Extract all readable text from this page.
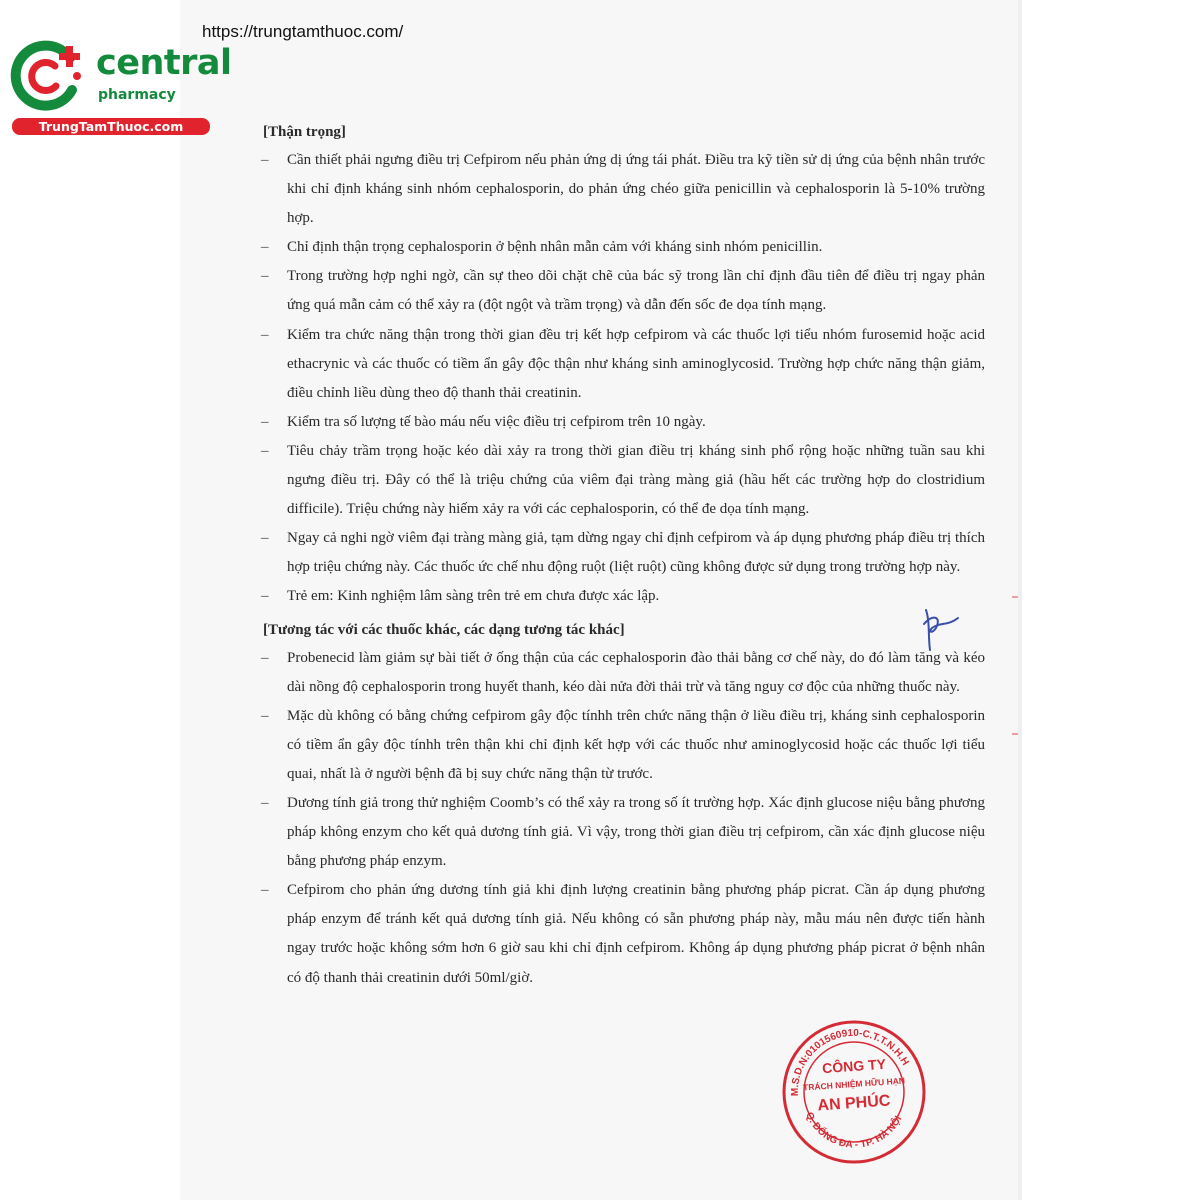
https://trungtamthuoc.com/
central
pharmacy
TrungTamThuoc.com	[Thận trọng]

– Cần thiết phải ngưng điều trị Cefpirom nếu phản ứng dị ứng tái phát. Điều tra kỹ tiền sử dị ứng của bệnh nhân trước khi chỉ định kháng sinh nhóm cephalosporin, do phản ứng chéo giữa penicillin và cephalosporin là 5-10% trường hợp.
– Chỉ định thận trọng cephalosporin ở bệnh nhân mẫn cảm với kháng sinh nhóm penicillin.
– Trong trường hợp nghi ngờ, cần sự theo dõi chặt chẽ của bác sỹ trong lần chỉ định đầu tiên để điều trị ngay phản ứng quá mẫn cảm có thể xảy ra (đột ngột và trầm trọng) và dẫn đến sốc đe dọa tính mạng.
– Kiểm tra chức năng thận trong thời gian đều trị kết hợp cefpirom và các thuốc lợi tiểu nhóm furosemid hoặc acid ethacrynic và các thuốc có tiềm ẩn gây độc thận như kháng sinh aminoglycosid. Trường hợp chức năng thận giảm, điều chỉnh liều dùng theo độ thanh thải creatinin.
– Kiểm tra số lượng tế bào máu nếu việc điều trị cefpirom trên 10 ngày.
– Tiêu chảy trầm trọng hoặc kéo dài xảy ra trong thời gian điều trị kháng sinh phổ rộng hoặc những tuần sau khi ngưng điều trị. Đây có thể là triệu chứng của viêm đại tràng màng giả (hầu hết các trường hợp do clostridium difficile). Triệu chứng này hiếm xảy ra với các cephalosporin, có thể đe dọa tính mạng.
– Ngay cả nghi ngờ viêm đại tràng màng giả, tạm dừng ngay chỉ định cefpirom và áp dụng phương pháp điều trị thích hợp triệu chứng này. Các thuốc ức chế nhu động ruột (liệt ruột) cũng không được sử dụng trong trường hợp này.
– Trẻ em: Kinh nghiệm lâm sàng trên trẻ em chưa được xác lập.

[Tương tác với các thuốc khác, các dạng tương tác khác]

– Probenecid làm giảm sự bài tiết ở ống thận của các cephalosporin đào thải bằng cơ chế này, do đó làm tăng và kéo dài nồng độ cephalosporin trong huyết thanh, kéo dài nửa đời thải trừ và tăng nguy cơ độc của những thuốc này.
– Mặc dù không có bằng chứng cefpirom gây độc tínhh trên chức năng thận ở liều điều trị, kháng sinh cephalosporin có tiềm ẩn gây độc tínhh trên thận khi chỉ định kết hợp với các thuốc như aminoglycosid hoặc các thuốc lợi tiểu quai, nhất là ở người bệnh đã bị suy chức năng thận từ trước.
– Dương tính giả trong thử nghiệm Coomb’s có thể xảy ra trong số ít trường hợp. Xác định glucose niệu bằng phương pháp không enzym cho kết quả dương tính giả. Vì vậy, trong thời gian điều trị cefpirom, cần xác định glucose niệu bằng phương pháp enzym.
– Cefpirom cho phản ứng dương tính giả khi định lượng creatinin bằng phương pháp picrat. Cần áp dụng phương pháp enzym để tránh kết quả dương tính giả. Nếu không có sẵn phương pháp này, mẫu máu nên được tiến hành ngay trước hoặc không sớm hơn 6 giờ sau khi chỉ định cefpirom. Không áp dụng phương pháp picrat ở bệnh nhân có độ thanh thải creatinin dưới 50ml/giờ.
M.S.D.N:0101560910-C.T.T.N.H.H
Q. ĐỐNG ĐA - TP. HÀ NỘI
CÔNG TY
TRÁCH NHIỆM HỮU HẠN
AN PHÚC
